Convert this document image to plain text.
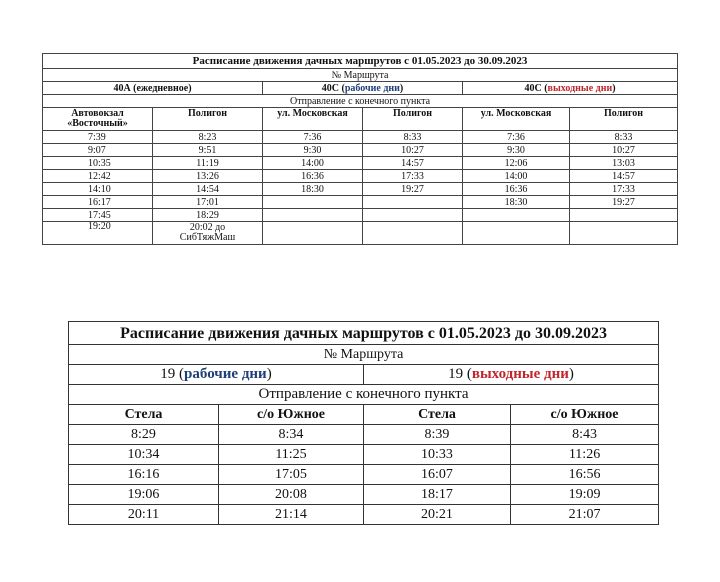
Расписание движения дачных маршрутов с 01.05.2023 до 30.09.2023					
№ Маршрута					
40А (ежедневное)		40С (рабочие дни)		40С (выходные дни)	
Отправление с конечного пункта					
Автовокзал
«Восточный»	Полигон	ул. Московская	Полигон	ул. Московская	Полигон
7:39	8:23	7:36	8:33	7:36	8:33
9:07	9:51	9:30	10:27	9:30	10:27
10:35	11:19	14:00	14:57	12:06	13:03
12:42	13:26	16:36	17:33	14:00	14:57
14:10	14:54	18:30	19:27	16:36	17:33
16:17	17:01			18:30	19:27
17:45	18:29				
19:20	20:02 до
СибТяжМаш				
Расписание движения дачных маршрутов с 01.05.2023 до 30.09.2023			
№ Маршрута			
19 (рабочие дни)		19 (выходные дни)	
Отправление с конечного пункта			
Стела	с/о Южное	Стела	с/о Южное
8:29	8:34	8:39	8:43
10:34	11:25	10:33	11:26
16:16	17:05	16:07	16:56
19:06	20:08	18:17	19:09
20:11	21:14	20:21	21:07
